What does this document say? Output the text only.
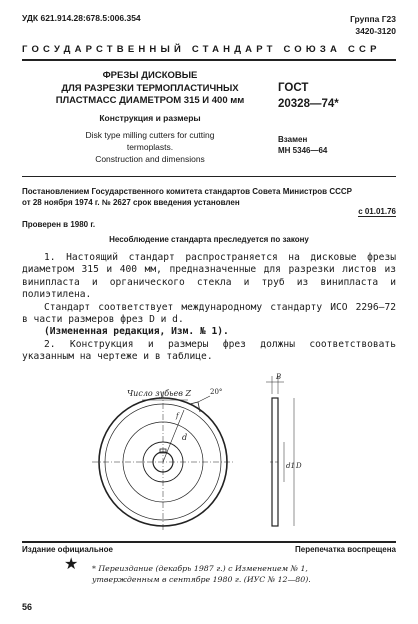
УДК 621.914.28:678.5:006.354	Группа Г23
3420-3120
ГОСУДАРСТВЕННЫЙ СТАНДАРТ СОЮЗА ССР
ФРЕЗЫ ДИСКОВЫЕ
ДЛЯ РАЗРЕЗКИ ТЕРМОПЛАСТИЧНЫХ
ПЛАСТМАСС ДИАМЕТРОМ 315 И 400 мм
Конструкция и размеры
Disk type milling cutters for cutting
termoplasts.
Construction and dimensions
ГОСТ
20328—74*
Взамен
МН 5346—64
Постановлением Государственного комитета стандартов Совета Министров СССР от 28 ноября 1974 г. № 2627 срок введения установлен
с 01.01.76
Проверен в 1980 г.
Несоблюдение стандарта преследуется по закону

1. Настоящий стандарт распространяется на дисковые фрезы диаметром 315 и 400 мм, предназначенные для разрезки листов из винипласта и органического стекла и труб из винипласта и полиэтилена.

Стандарт соответствует международному стандарту ИСО 2296—72 в части размеров фрез D и d.

(Измененная редакция, Изм. № 1).

2. Конструкция и размеры фрез должны соответствовать указанным на чертеже и в таблице.

Число зубьев Z	20°
f
d
B
d1 D
Издание официальное	Перепечатка воспрещена
★ * Переиздание (декабрь 1987 г.) с Изменением № 1,
утвержденным в сентябре 1980 г. (ИУС № 12—80).
56
